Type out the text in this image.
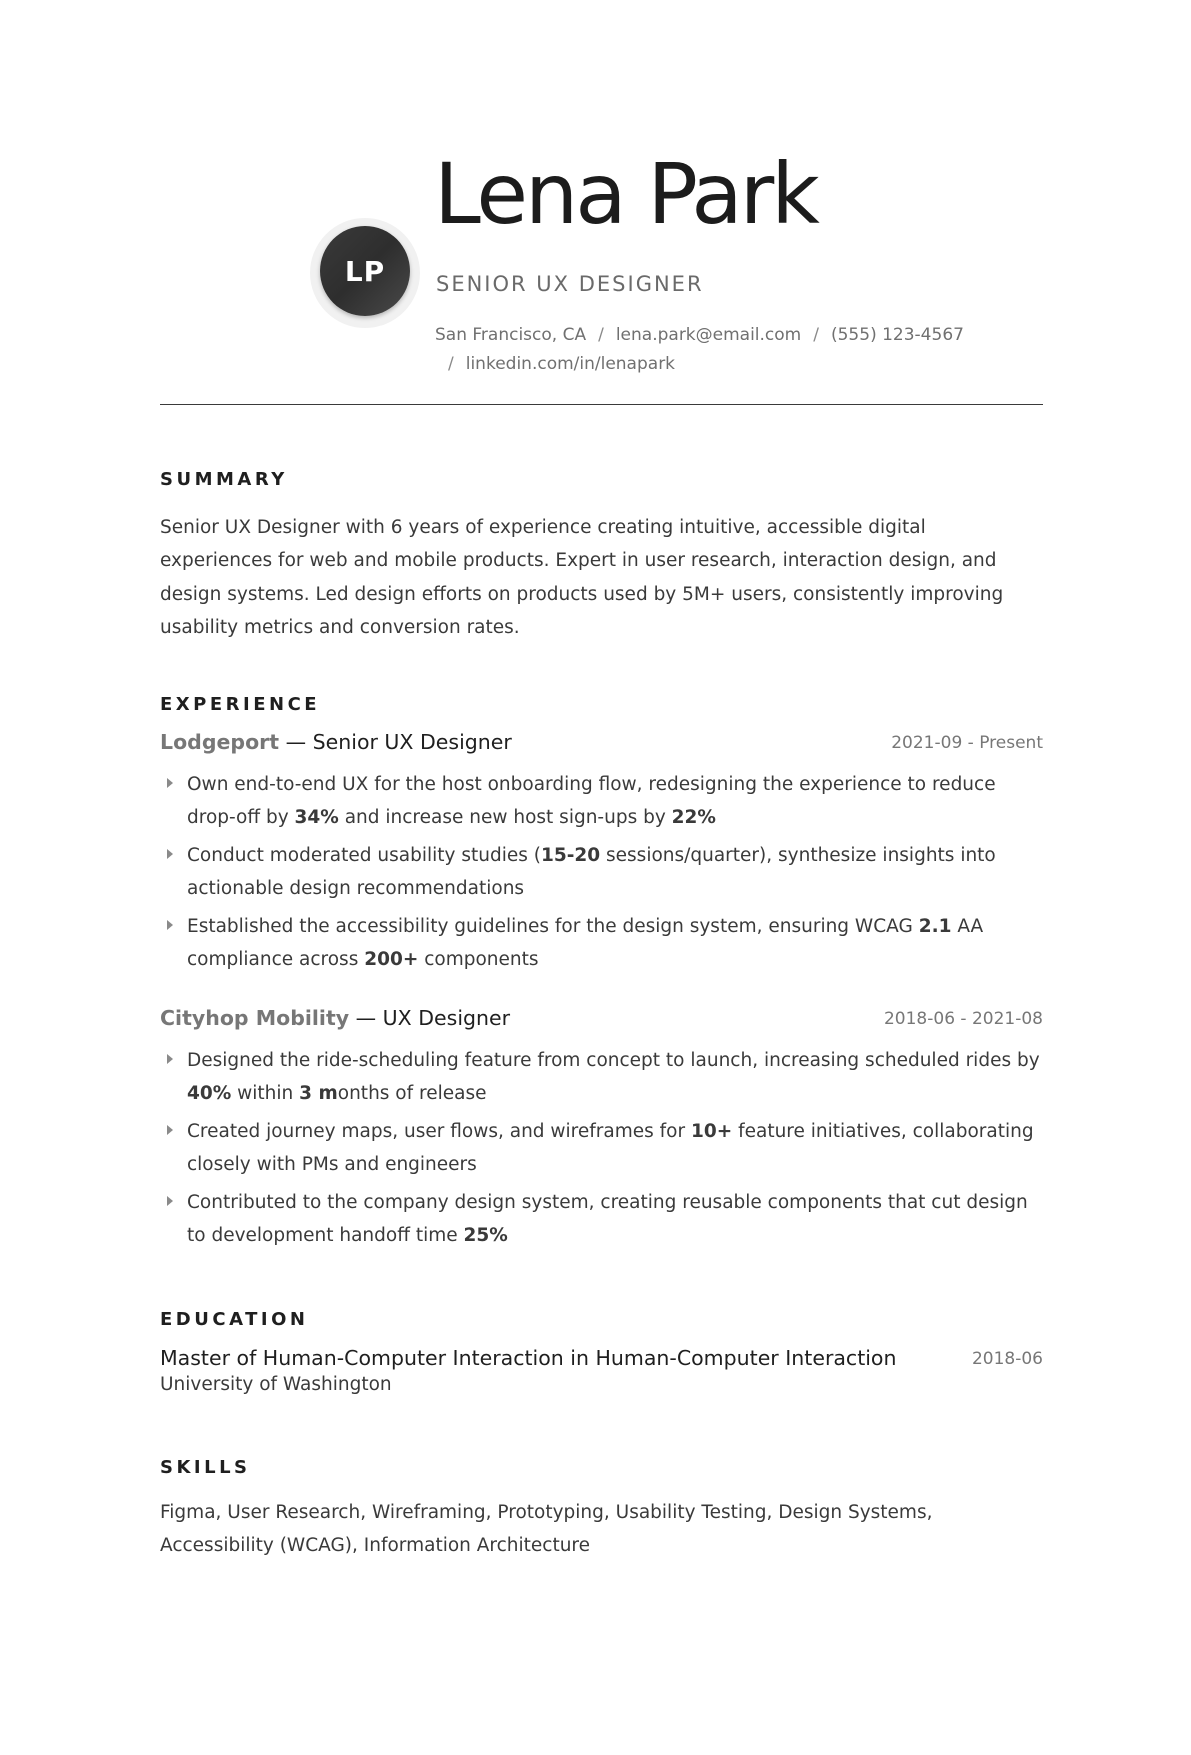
LP
Lena Park
SENIOR UX DESIGNER
San Francisco, CA / lena.park@email.com / (555) 123-4567
/ linkedin.com/in/lenapark
SUMMARY

Senior UX Designer with 6 years of experience creating intuitive, accessible digital experiences for web and mobile products. Expert in user research, interaction design, and design systems. Led design efforts on products used by 5M+ users, consistently improving usability metrics and conversion rates.

EXPERIENCE
Lodgeport — Senior UX Designer	2021-09 - Present
Own end-to-end UX for the host onboarding flow, redesigning the experience to reduce drop-off by 34% and increase new host sign-ups by 22%
Conduct moderated usability studies (15-20 sessions/quarter), synthesize insights into actionable design recommendations
Established the accessibility guidelines for the design system, ensuring WCAG 2.1 AA compliance across 200+ components
Cityhop Mobility — UX Designer	2018-06 - 2021-08
Designed the ride-scheduling feature from concept to launch, increasing scheduled rides by 40% within 3 months of release
Created journey maps, user flows, and wireframes for 10+ feature initiatives, collaborating closely with PMs and engineers
Contributed to the company design system, creating reusable components that cut design to development handoff time 25%
EDUCATION
Master of Human-Computer Interaction in Human-Computer Interaction	2018-06
University of Washington
SKILLS

Figma, User Research, Wireframing, Prototyping, Usability Testing, Design Systems, Accessibility (WCAG), Information Architecture
